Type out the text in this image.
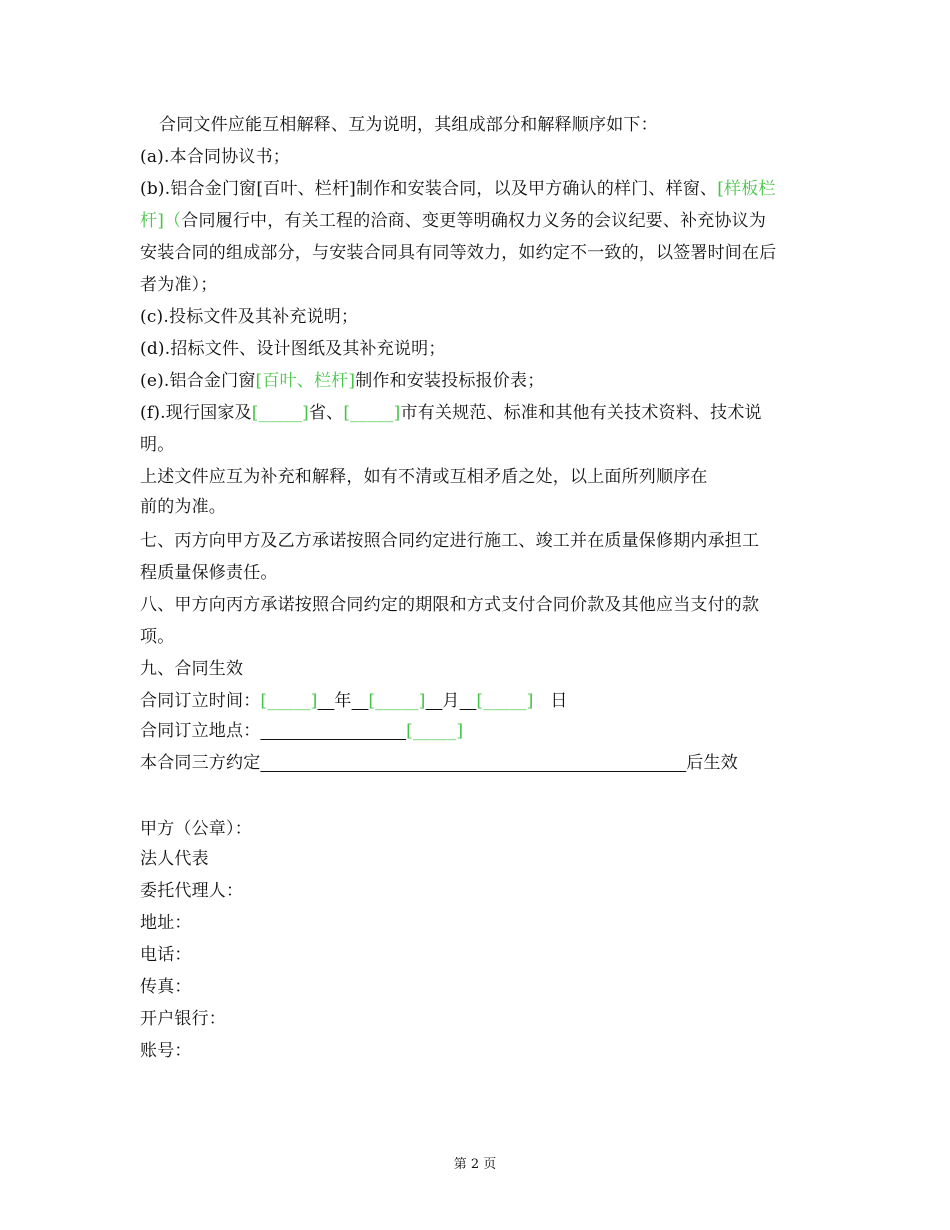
合同文件应能互相解释、互为说明，其组成部分和解释顺序如下：
(a).本合同协议书；
(b).铝合金门窗[百叶、栏杆]制作和安装合同，以及甲方确认的样门、样窗、[样板栏
杆]（合同履行中，有关工程的洽商、变更等明确权力义务的会议纪要、补充协议为
安装合同的组成部分，与安装合同具有同等效力，如约定不一致的，以签署时间在后
者为准）；
(c).投标文件及其补充说明；
(d).招标文件、设计图纸及其补充说明；
(e).铝合金门窗[百叶、栏杆]制作和安装投标报价表；
(f).现行国家及[_____]省、[_____]市有关规范、标准和其他有关技术资料、技术说
明。
上述文件应互为补充和解释，如有不清或互相矛盾之处，以上面所列顺序在
前的为准。
七、丙方向甲方及乙方承诺按照合同约定进行施工、竣工并在质量保修期内承担工
程质量保修责任。
八、甲方向丙方承诺按照合同约定的期限和方式支付合同价款及其他应当支付的款
项。
九、合同生效
合同订立时间：[_____] 年 [_____] 月 [_____] 日
合同订立地点：	[_____]
本合同三方约定	后生效
甲方（公章）：
法人代表
委托代理人：
地址：
电话：
传真：
开户银行：
账号：
第 2 页
